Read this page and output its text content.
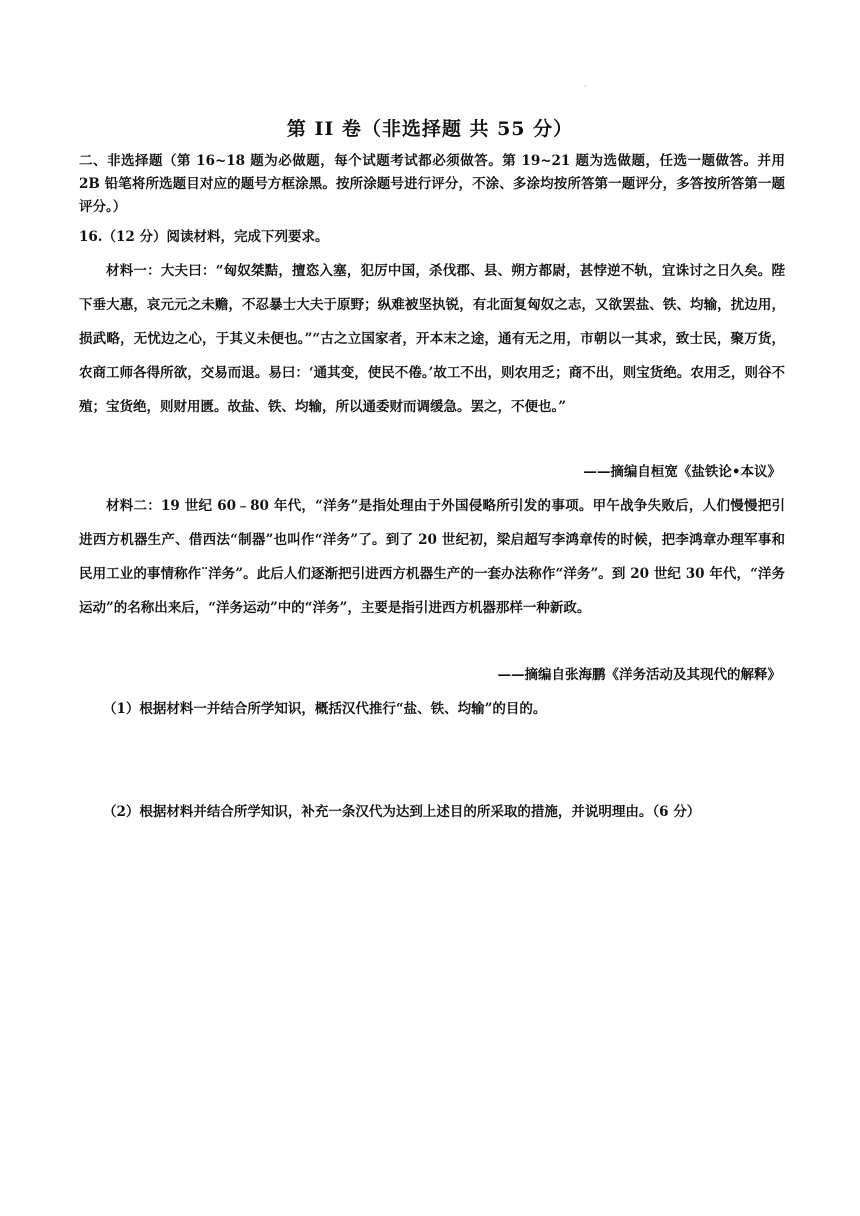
·
第 II 卷（非选择题 共 55 分）
二、非选择题（第 16~18 题为必做题，每个试题考试都必须做答。第 19~21 题为选做题，任选一题做答。并用 2B 铅笔将所选题目对应的题号方框涂黑。按所涂题号进行评分，不涂、多涂均按所答第一题评分，多答按所答第一题评分。）
16.（12 分）阅读材料，完成下列要求。
材料一：大夫曰：“匈奴桀黠，擅恣入塞，犯厉中国，杀伐郡、县、朔方都尉，甚悖逆不轨，宜诛讨之日久矣。陛下垂大惠，哀元元之未赡，不忍暴士大夫于原野；纵难被坚执锐，有北面复匈奴之志，又欲罢盐、铁、均输，扰边用，损武略，无忧边之心，于其义未便也。”“古之立国家者，开本末之途，通有无之用，市朝以一其求，致士民，聚万货，农商工师各得所欲，交易而退。易曰：‘通其变，使民不倦。’故工不出，则农用乏；商不出，则宝货绝。农用乏，则谷不殖；宝货绝，则财用匮。故盐、铁、均输，所以通委财而调缓急。罢之，不便也。”
——摘编自桓宽《盐铁论•本议》
材料二：19 世纪 60﹣80 年代，“洋务”是指处理由于外国侵略所引发的事项。甲午战争失败后，人们慢慢把引进西方机器生产、借西法“制器”也叫作“洋务”了。到了 20 世纪初，梁启超写李鸿章传的时候，把李鸿章办理军事和民用工业的事情称作¨洋务”。此后人们逐渐把引进西方机器生产的一套办法称作“洋务”。到 20 世纪 30 年代，“洋务运动”的名称出来后，“洋务运动”中的“洋务”，主要是指引进西方机器那样一种新政。
——摘编自张海鹏《洋务活动及其现代的解释》
（1）根据材料一并结合所学知识，概括汉代推行“盐、铁、均输”的目的。
（2）根据材料并结合所学知识，补充一条汉代为达到上述目的所采取的措施，并说明理由。（6 分）
